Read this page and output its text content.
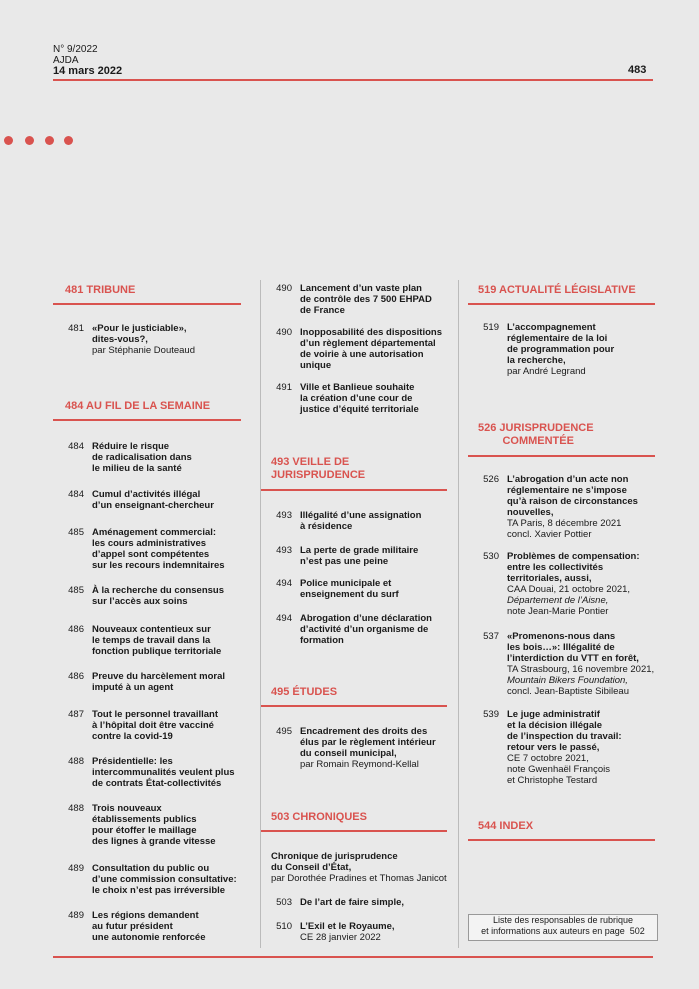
N° 9/2022
AJDA
14 mars 2022	483
481 TRIBUNE
481 «Pour le justiciable»,
dites-vous?,
par Stéphanie Douteaud
484 AU FIL DE LA SEMAINE
484 Réduire le risque
de radicalisation dans
le milieu de la santé
484 Cumul d’activités illégal
d’un enseignant-chercheur
485 Aménagement commercial:
les cours administratives
d’appel sont compétentes
sur les recours indemnitaires
485 À la recherche du consensus
sur l’accès aux soins
486 Nouveaux contentieux sur
le temps de travail dans la
fonction publique territoriale
486 Preuve du harcèlement moral
imputé à un agent
487 Tout le personnel travaillant
à l’hôpital doit être vacciné
contre la covid-19
488 Présidentielle: les
intercommunalités veulent plus
de contrats État-collectivités
488 Trois nouveaux
établissements publics
pour étoffer le maillage
des lignes à grande vitesse
489 Consultation du public ou
d’une commission consultative:
le choix n’est pas irréversible
489 Les régions demandent
au futur président
une autonomie renforcée
490 Lancement d’un vaste plan
de contrôle des 7 500 EHPAD
de France
490 Inopposabilité des dispositions
d’un règlement départemental
de voirie à une autorisation
unique
491 Ville et Banlieue souhaite
la création d’une cour de
justice d’équité territoriale
493 VEILLE DE
JURISPRUDENCE
493 Illégalité d’une assignation
à résidence
493 La perte de grade militaire
n’est pas une peine
494 Police municipale et
enseignement du surf
494 Abrogation d’une déclaration
d’activité d’un organisme de
formation
495 ÉTUDES
495 Encadrement des droits des
élus par le règlement intérieur
du conseil municipal,
par Romain Reymond-Kellal
503 CHRONIQUES
Chronique de jurisprudence
du Conseil d’État,
par Dorothée Pradines et Thomas Janicot
503 De l’art de faire simple,
510 L’Exil et le Royaume,
CE 28 janvier 2022
519 ACTUALITÉ LÉGISLATIVE
519 L’accompagnement
réglementaire de la loi
de programmation pour
la recherche,
par André Legrand
526 JURISPRUDENCE
COMMENTÉE
526 L’abrogation d’un acte non
réglementaire ne s’impose
qu’à raison de circonstances
nouvelles,
TA Paris, 8 décembre 2021
concl. Xavier Pottier
530 Problèmes de compensation:
entre les collectivités
territoriales, aussi,
CAA Douai, 21 octobre 2021,
Département de l’Aisne,
note Jean-Marie Pontier
537 «Promenons-nous dans
les bois…»: Illégalité de
l’interdiction du VTT en forêt,
TA Strasbourg, 16 novembre 2021,
Mountain Bikers Foundation,
concl. Jean-Baptiste Sibileau
539 Le juge administratif
et la décision illégale
de l’inspection du travail:
retour vers le passé,
CE 7 octobre 2021,
note Gwenhaël François
et Christophe Testard
544 INDEX
Liste des responsables de rubrique
et informations aux auteurs en page 502
